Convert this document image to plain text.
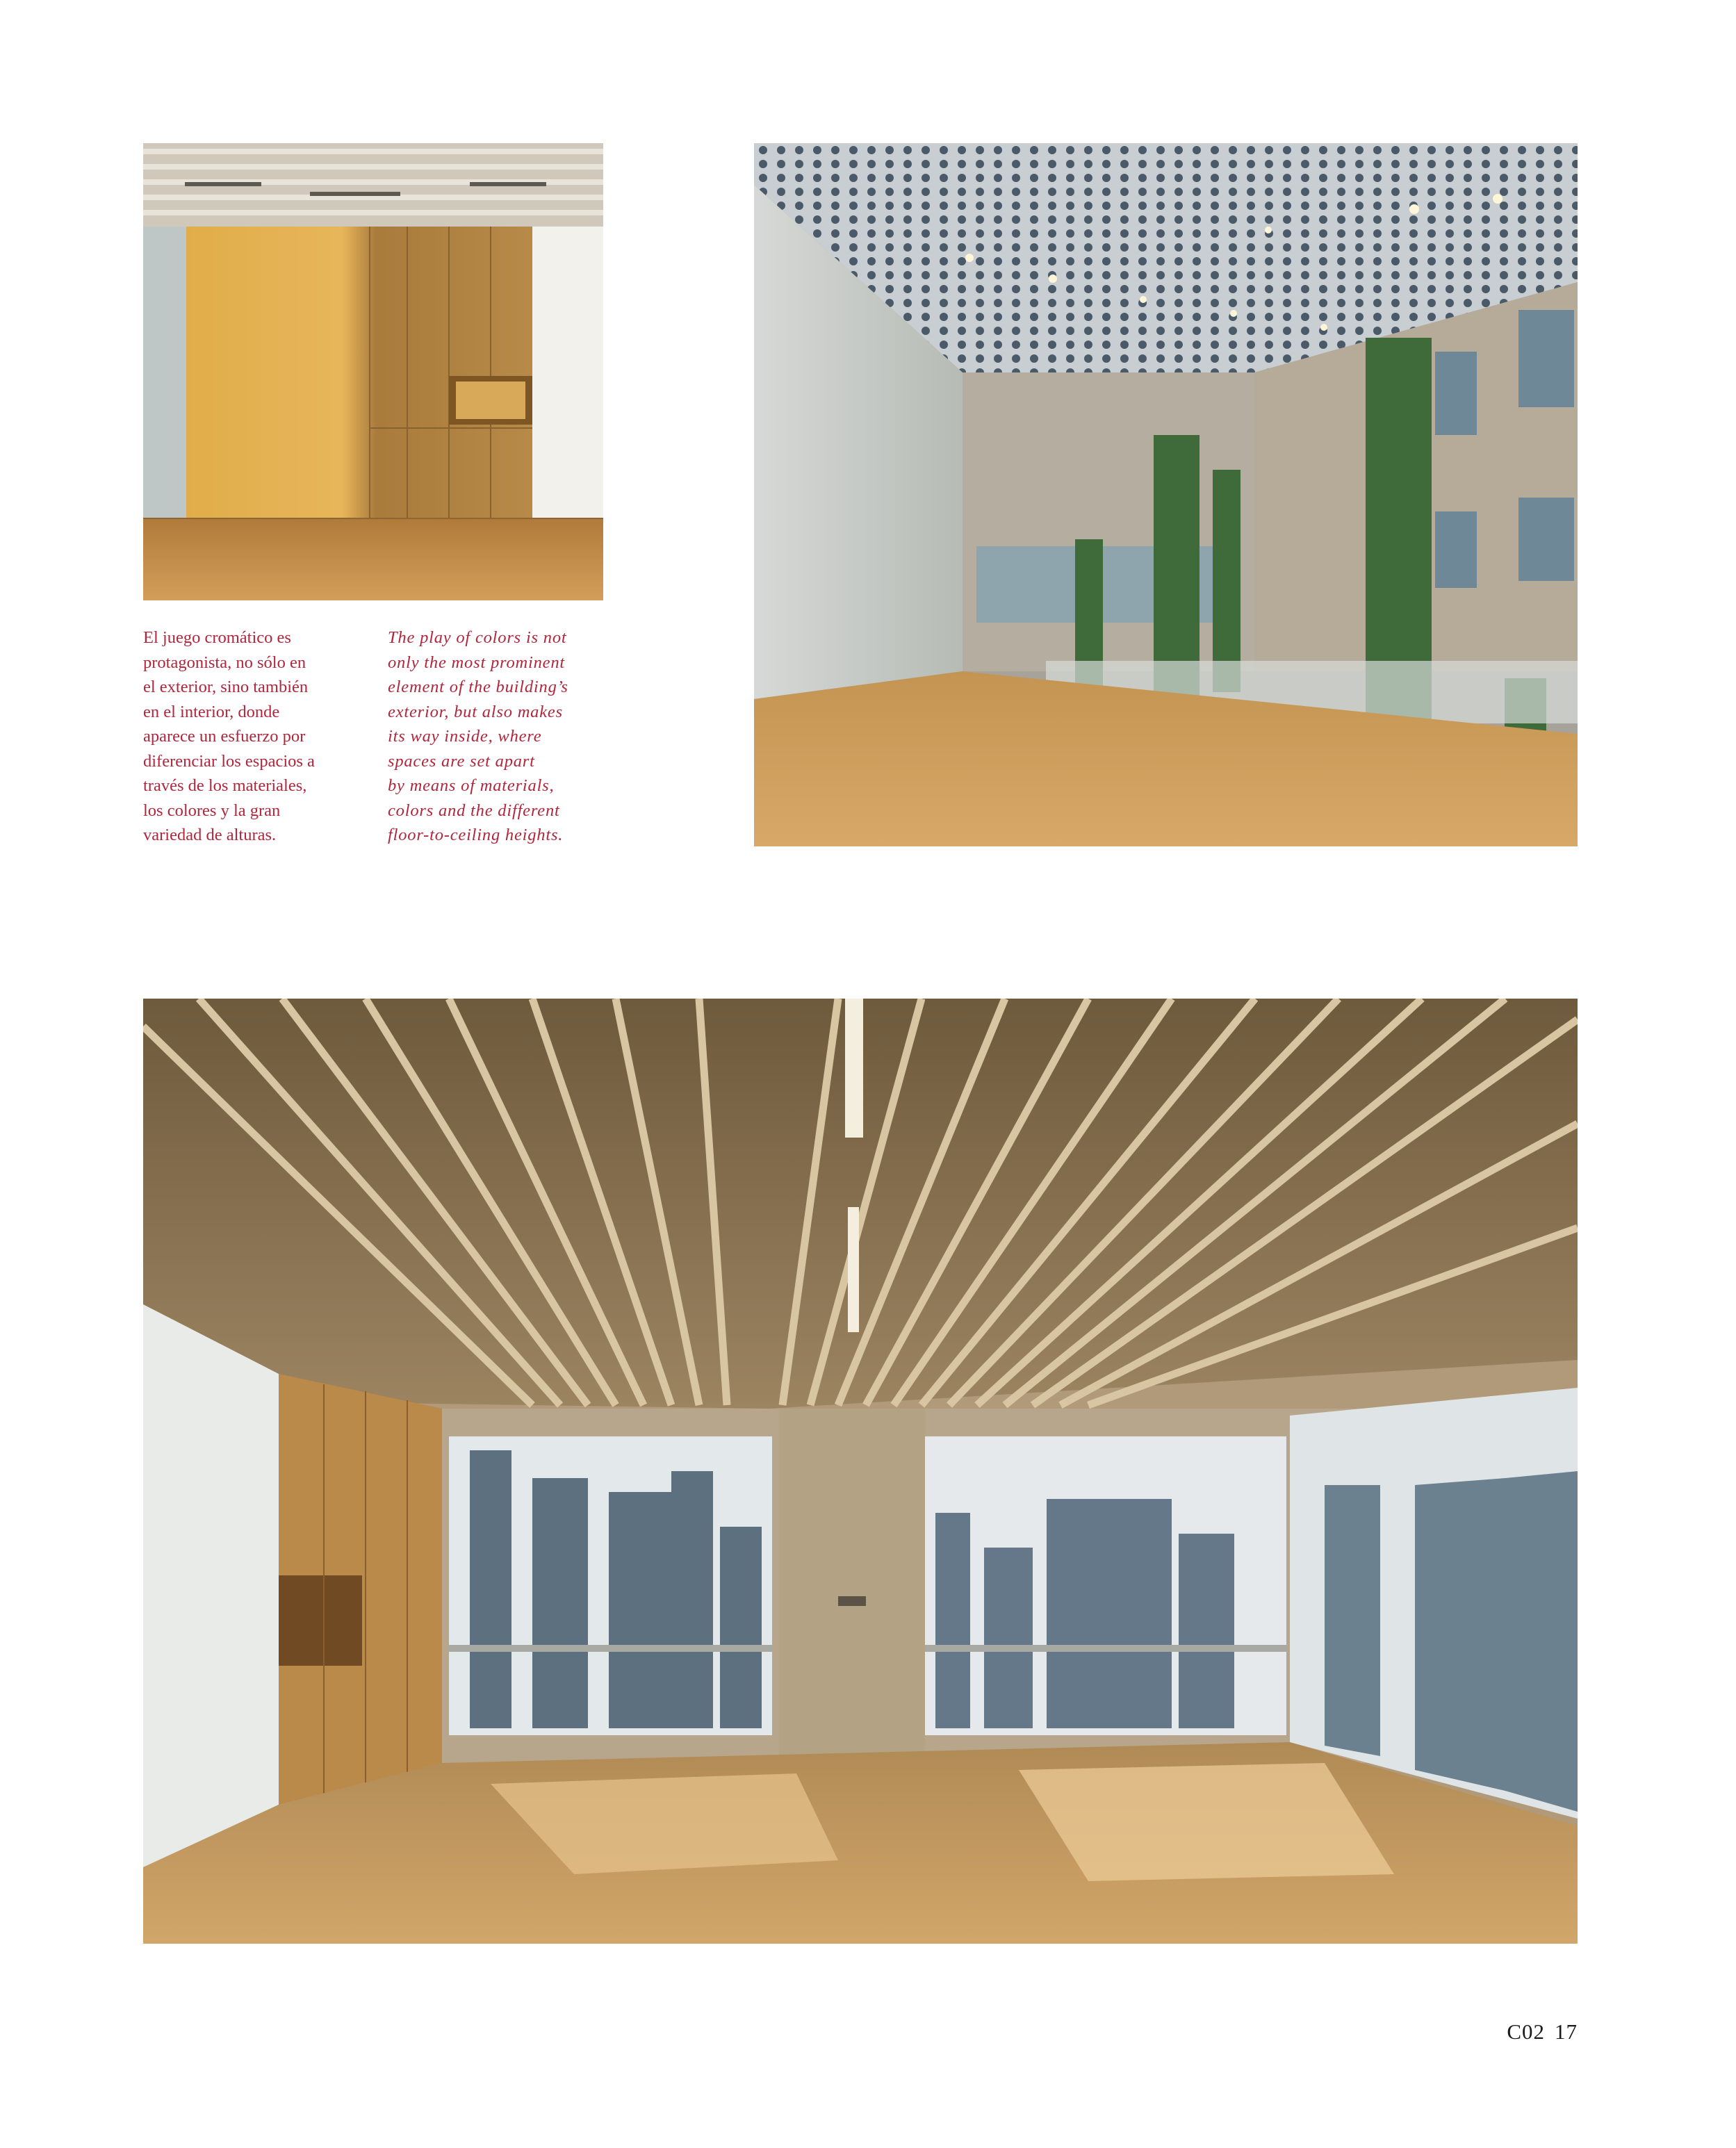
El juego cromático es
protagonista, no sólo en
el exterior, sino también
en el interior, donde
aparece un esfuerzo por
diferenciar los espacios a
través de los materiales,
los colores y la gran
variedad de alturas.
The play of colors is not
only the most prominent
element of the building’s
exterior, but also makes
its way inside, where
spaces are set apart
by means of materials,
colors and the different
floor-to-ceiling heights.
C02 17
